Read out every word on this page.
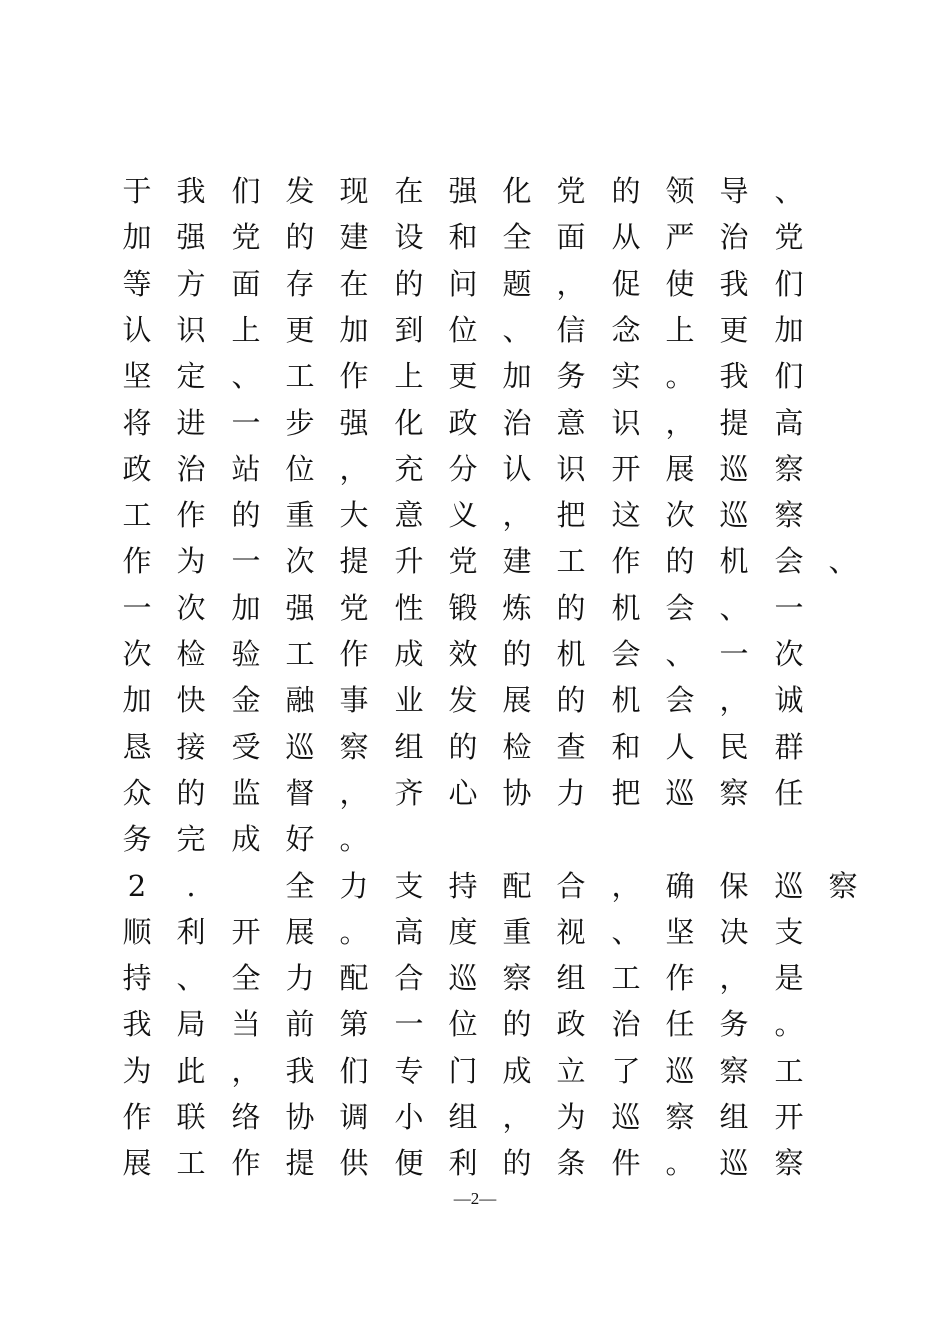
于 我 们 发 现 在 强 化 党 的 领 导 、
加 强 党 的 建 设 和 全 面 从 严 治 党
等 方 面 存 在 的 问 题 ， 促 使 我 们
认 识 上 更 加 到 位 、 信 念 上 更 加
坚 定 、 工 作 上 更 加 务 实 。 我 们
将 进 一 步 强 化 政 治 意 识 ， 提 高
政 治 站 位 ， 充 分 认 识 开 展 巡 察
工 作 的 重 大 意 义 ， 把 这 次 巡 察
作 为 一 次 提 升 党 建 工 作 的 机 会 、
一 次 加 强 党 性 锻 炼 的 机 会 、 一
次 检 验 工 作 成 效 的 机 会 、 一 次
加 快 金 融 事 业 发 展 的 机 会 ， 诚
恳 接 受 巡 察 组 的 检 查 和 人 民 群
众 的 监 督 ， 齐 心 协 力 把 巡 察 任
务 完 成 好 。
2	.	全 力 支 持 配 合 ， 确 保 巡 察
顺 利 开 展 。 高 度 重 视 、 坚 决 支
持 、 全 力 配 合 巡 察 组 工 作 ， 是
我 局 当 前 第 一 位 的 政 治 任 务 。
为 此 ， 我 们 专 门 成 立 了 巡 察 工
作 联 络 协 调 小 组 ， 为 巡 察 组 开
展 工 作 提 供 便 利 的 条 件 。 巡 察
—2—
